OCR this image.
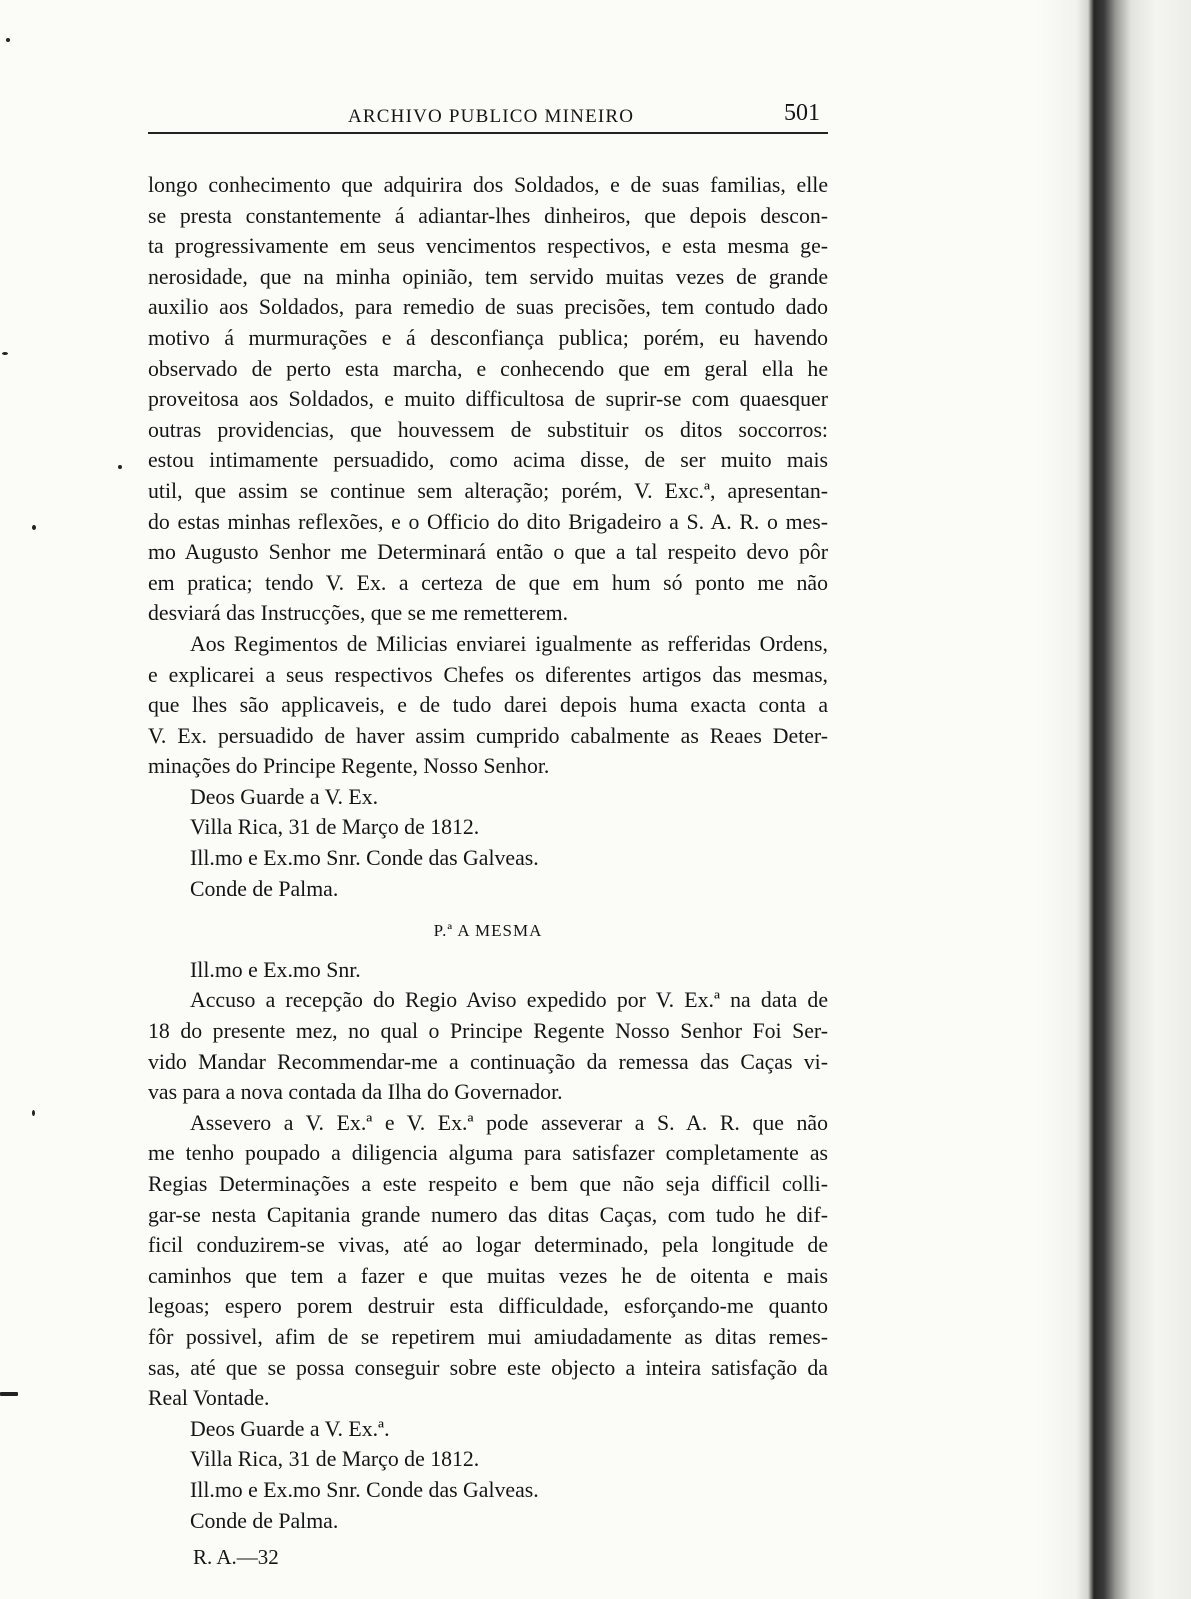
ARCHIVO PUBLICO MINEIRO	501

longo conhecimento que adquirira dos Soldados, e de suas familias, elle
se presta constantemente á adiantar-lhes dinheiros, que depois descon-
ta progressivamente em seus vencimentos respectivos, e esta mesma ge-
nerosidade, que na minha opinião, tem servido muitas vezes de grande
auxilio aos Soldados, para remedio de suas precisões, tem contudo dado
motivo á murmurações e á desconfiança publica; porém, eu havendo
observado de perto esta marcha, e conhecendo que em geral ella he
proveitosa aos Soldados, e muito difficultosa de suprir-se com quaesquer
outras providencias, que houvessem de substituir os ditos soccorros:
estou intimamente persuadido, como acima disse, de ser muito mais
util, que assim se continue sem alteração; porém, V. Exc.ª, apresentan-
do estas minhas reflexões, e o Officio do dito Brigadeiro a S. A. R. o mes-
mo Augusto Senhor me Determinará então o que a tal respeito devo pôr
em pratica; tendo V. Ex. a certeza de que em hum só ponto me não
desviará das Instrucções, que se me remetterem.

Aos Regimentos de Milicias enviarei igualmente as refferidas Ordens,
e explicarei a seus respectivos Chefes os diferentes artigos das mesmas,
que lhes são applicaveis, e de tudo darei depois huma exacta conta a
V. Ex. persuadido de haver assim cumprido cabalmente as Reaes Deter-
minações do Principe Regente, Nosso Senhor.

Deos Guarde a V. Ex.
Villa Rica, 31 de Março de 1812.
Ill.mo e Ex.mo Snr. Conde das Galveas.
Conde de Palma.
P.ª A MESMA
Ill.mo e Ex.mo Snr.

Accuso a recepção do Regio Aviso expedido por V. Ex.ª na data de
18 do presente mez, no qual o Principe Regente Nosso Senhor Foi Ser-
vido Mandar Recommendar-me a continuação da remessa das Caças vi-
vas para a nova contada da Ilha do Governador.

Assevero a V. Ex.ª e V. Ex.ª pode asseverar a S. A. R. que não
me tenho poupado a diligencia alguma para satisfazer completamente as
Regias Determinações a este respeito e bem que não seja difficil colli-
gar-se nesta Capitania grande numero das ditas Caças, com tudo he dif-
ficil conduzirem-se vivas, até ao logar determinado, pela longitude de
caminhos que tem a fazer e que muitas vezes he de oitenta e mais
legoas; espero porem destruir esta difficuldade, esforçando-me quanto
fôr possivel, afim de se repetirem mui amiudadamente as ditas remes-
sas, até que se possa conseguir sobre este objecto a inteira satisfação da
Real Vontade.

Deos Guarde a V. Ex.ª.
Villa Rica, 31 de Março de 1812.
Ill.mo e Ex.mo Snr. Conde das Galveas.
Conde de Palma.
R. A.—32
